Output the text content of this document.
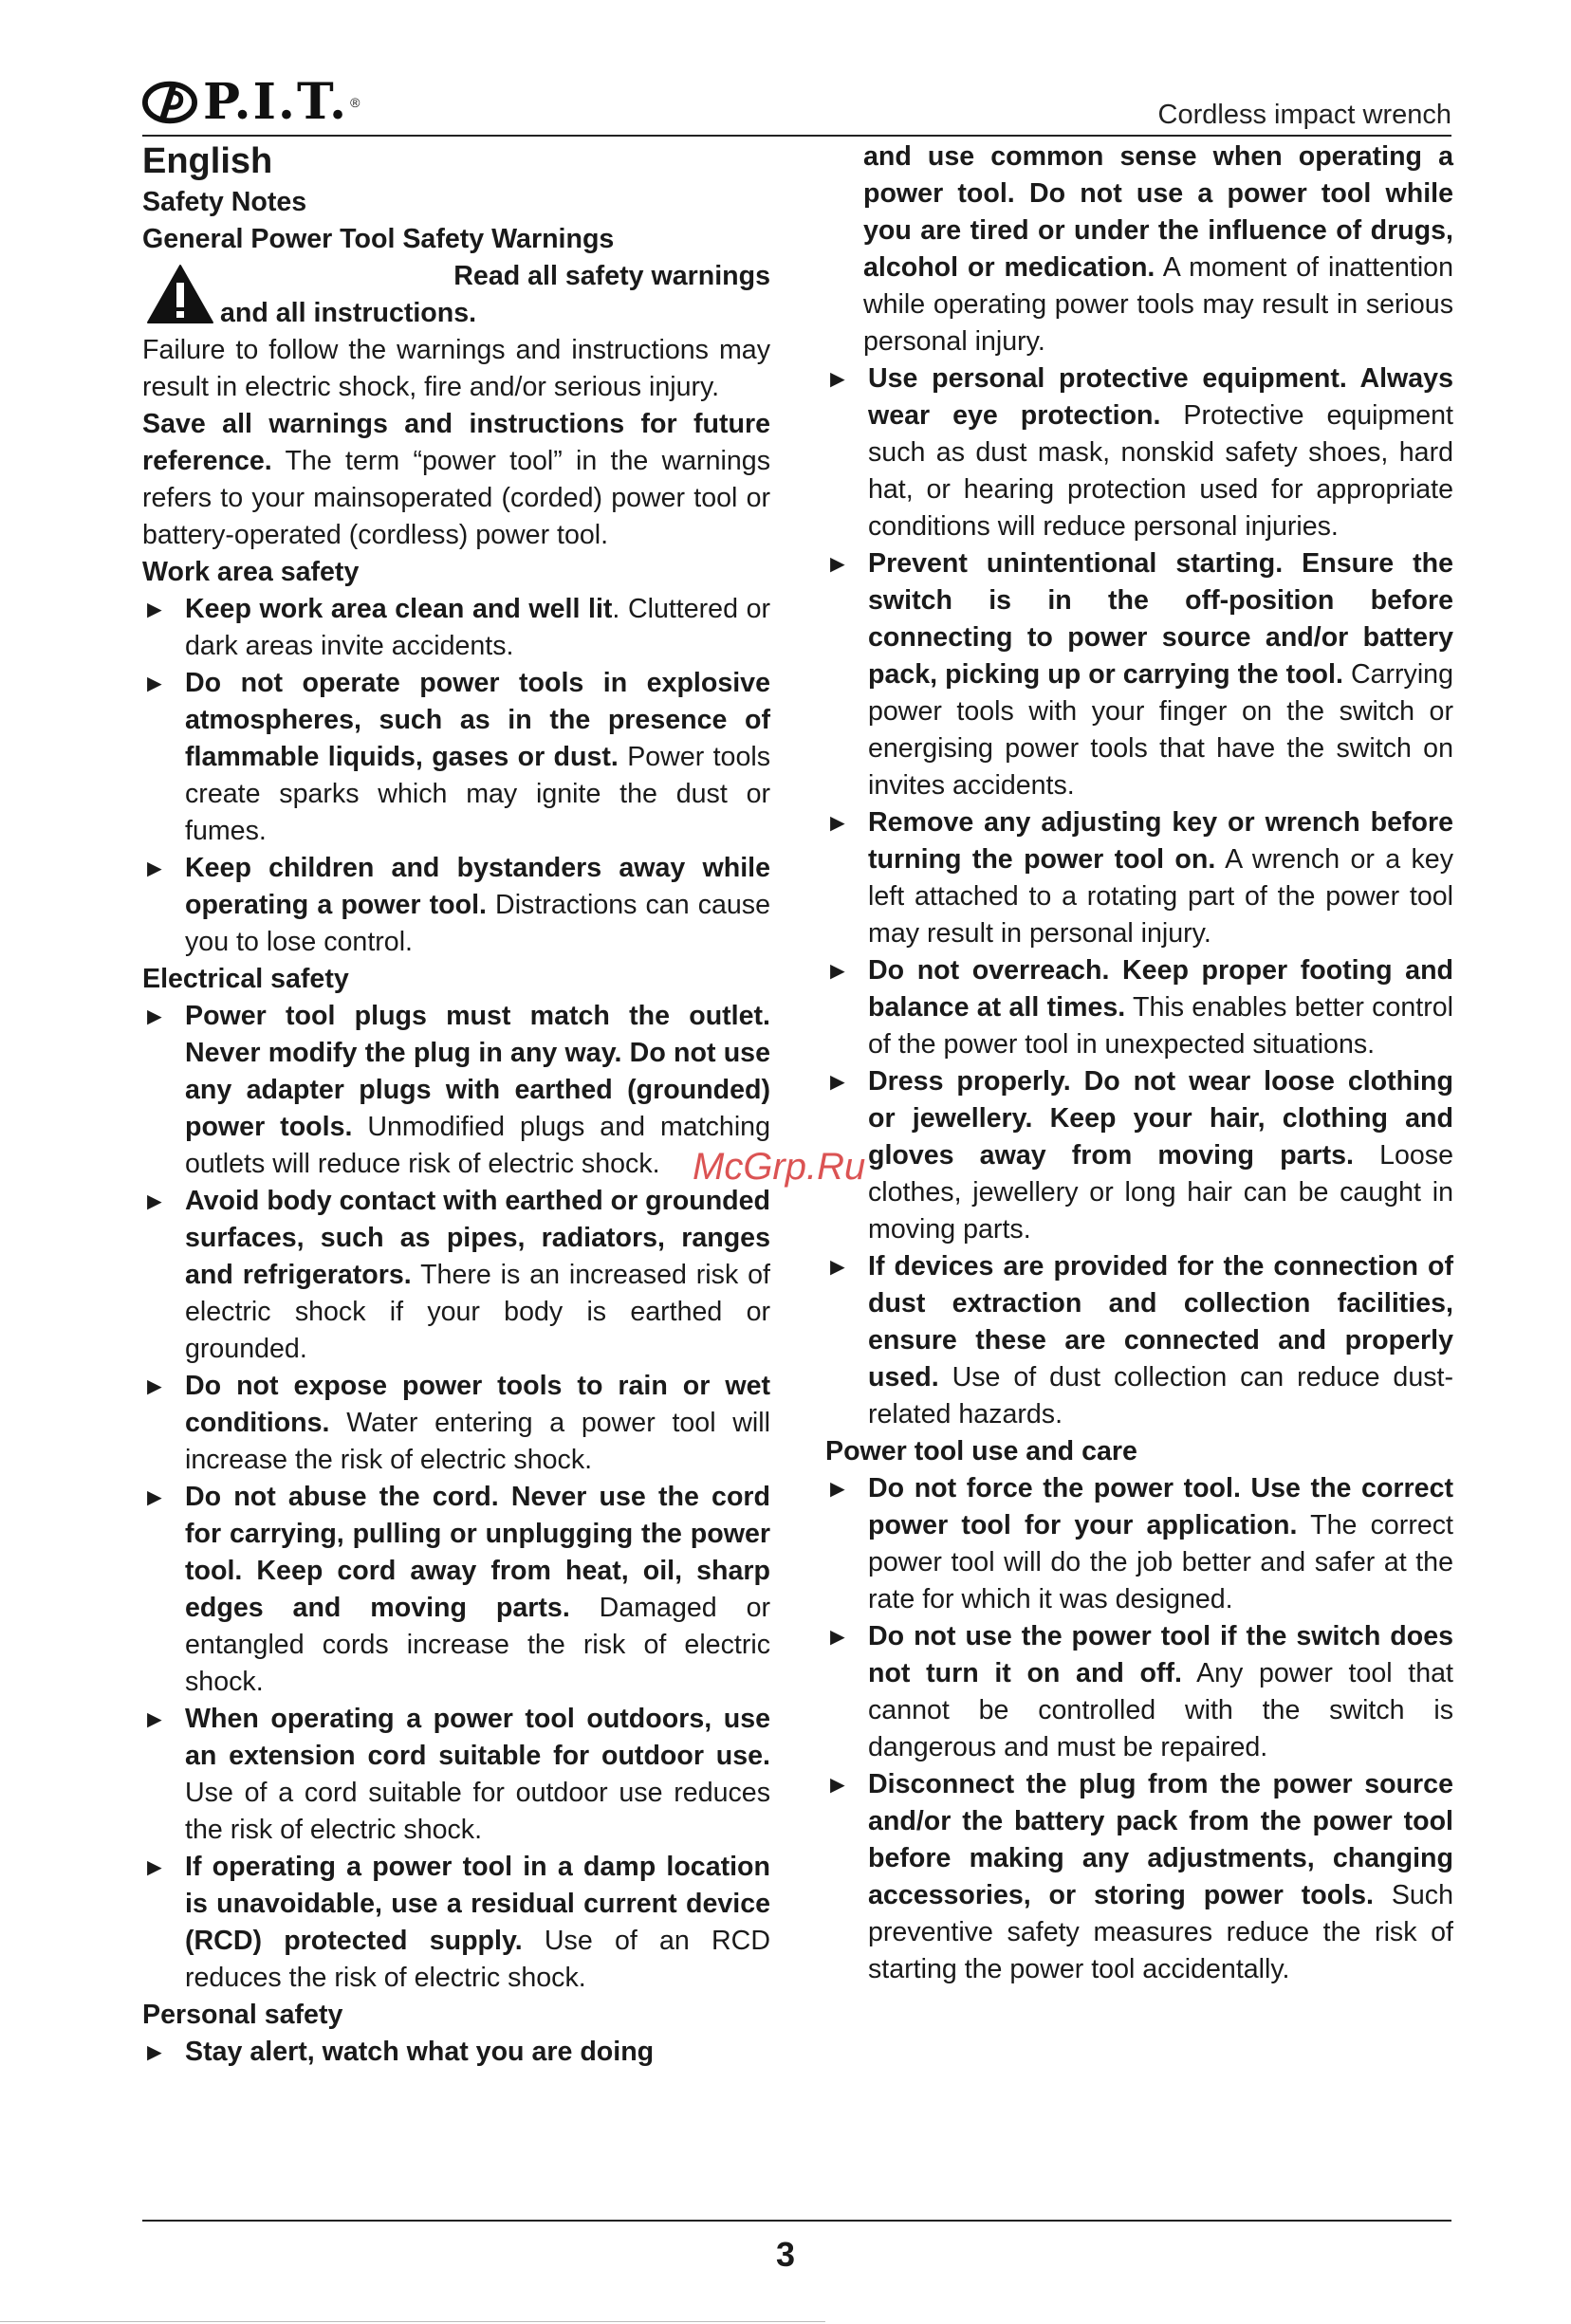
P.I.T. ®	Cordless impact wrench
English
Safety Notes
General Power Tool Safety Warnings
Read all safety warnings
and all instructions.

Failure to follow the warnings and instructions may result in electric shock, fire and/or serious injury.

Save all warnings and instructions for future reference. The term “power tool” in the warnings refers to your mainsoperated (corded) power tool or battery-operated (cordless) power tool.

Work area safety
► Keep work area clean and well lit. Cluttered or dark areas invite accidents.
► Do not operate power tools in explosive atmospheres, such as in the presence of flammable liquids, gases or dust. Power tools create sparks which may ignite the dust or fumes.
► Keep children and bystanders away while operating a power tool. Distractions can cause you to lose control.
Electrical safety
► Power tool plugs must match the outlet. Never modify the plug in any way. Do not use any adapter plugs with earthed (grounded) power tools. Unmodified plugs and matching outlets will reduce risk of electric shock.
► Avoid body contact with earthed or grounded surfaces, such as pipes, radiators, ranges and refrigerators. There is an increased risk of electric shock if your body is earthed or grounded.
► Do not expose power tools to rain or wet conditions. Water entering a power tool will increase the risk of electric shock.
► Do not abuse the cord. Never use the cord for carrying, pulling or unplugging the power tool. Keep cord away from heat, oil, sharp edges and moving parts. Damaged or entangled cords increase the risk of electric shock.
► When operating a power tool outdoors, use an extension cord suitable for outdoor use. Use of a cord suitable for outdoor use reduces the risk of electric shock.
► If operating a power tool in a damp location is unavoidable, use a residual current device (RCD) protected supply. Use of an RCD reduces the risk of electric shock.
Personal safety
► Stay alert, watch what you are doing
and use common sense when operating a power tool. Do not use a power tool while you are tired or under the influence of drugs, alcohol or medication. A moment of inattention while operating power tools may result in serious personal injury.
► Use personal protective equipment. Always wear eye protection. Protective equipment such as dust mask, nonskid safety shoes, hard hat, or hearing protection used for appropriate conditions will reduce personal injuries.
► Prevent unintentional starting. Ensure the switch is in the off-position before connecting to power source and/or battery pack, picking up or carrying the tool. Carrying power tools with your finger on the switch or energising power tools that have the switch on invites accidents.
► Remove any adjusting key or wrench before turning the power tool on. A wrench or a key left attached to a rotating part of the power tool may result in personal injury.
► Do not overreach. Keep proper footing and balance at all times. This enables better control of the power tool in unexpected situations.
► Dress properly. Do not wear loose clothing or jewellery. Keep your hair, clothing and gloves away from moving parts. Loose clothes, jewellery or long hair can be caught in moving parts.
► If devices are provided for the connection of dust extraction and collection facilities, ensure these are connected and properly used. Use of dust collection can reduce dust-related hazards.
Power tool use and care
► Do not force the power tool. Use the correct power tool for your application. The correct power tool will do the job better and safer at the rate for which it was designed.
► Do not use the power tool if the switch does not turn it on and off. Any power tool that cannot be controlled with the switch is dangerous and must be repaired.
► Disconnect the plug from the power source and/or the battery pack from the power tool before making any adjustments, changing accessories, or storing power tools. Such preventive safety measures reduce the risk of starting the power tool accidentally.
McGrp.Ru
3
